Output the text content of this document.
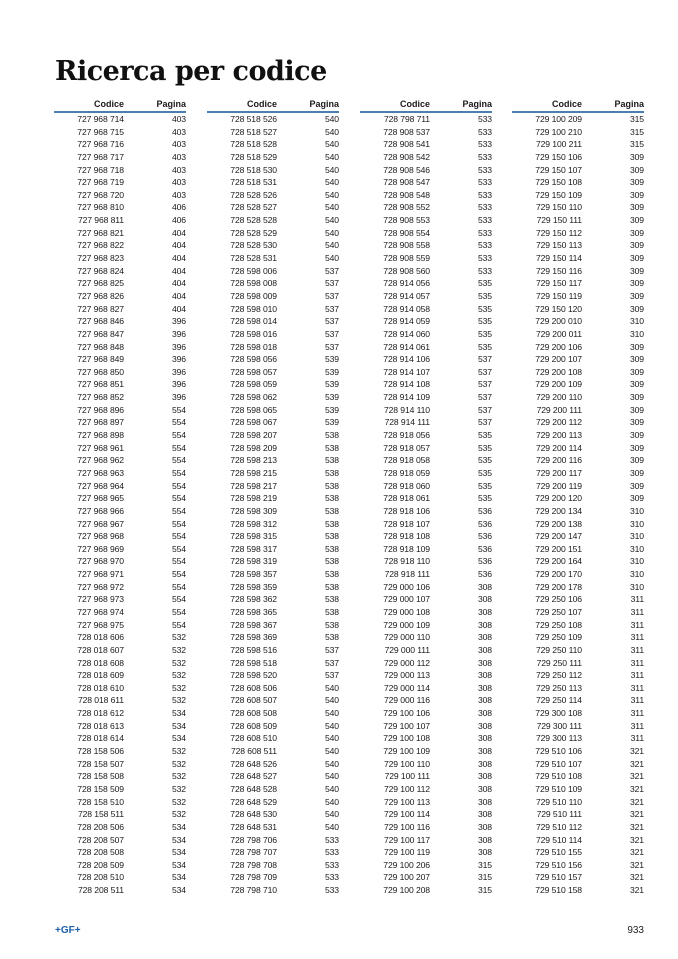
Ricerca per codice
Codice	Pagina
727 968 714	403
727 968 715	403
727 968 716	403
727 968 717	403
727 968 718	403
727 968 719	403
727 968 720	403
727 968 810	406
727 968 811	406
727 968 821	404
727 968 822	404
727 968 823	404
727 968 824	404
727 968 825	404
727 968 826	404
727 968 827	404
727 968 846	396
727 968 847	396
727 968 848	396
727 968 849	396
727 968 850	396
727 968 851	396
727 968 852	396
727 968 896	554
727 968 897	554
727 968 898	554
727 968 961	554
727 968 962	554
727 968 963	554
727 968 964	554
727 968 965	554
727 968 966	554
727 968 967	554
727 968 968	554
727 968 969	554
727 968 970	554
727 968 971	554
727 968 972	554
727 968 973	554
727 968 974	554
727 968 975	554
728 018 606	532
728 018 607	532
728 018 608	532
728 018 609	532
728 018 610	532
728 018 611	532
728 018 612	534
728 018 613	534
728 018 614	534
728 158 506	532
728 158 507	532
728 158 508	532
728 158 509	532
728 158 510	532
728 158 511	532
728 208 506	534
728 208 507	534
728 208 508	534
728 208 509	534
728 208 510	534
728 208 511	534
Codice	Pagina
728 518 526	540
728 518 527	540
728 518 528	540
728 518 529	540
728 518 530	540
728 518 531	540
728 528 526	540
728 528 527	540
728 528 528	540
728 528 529	540
728 528 530	540
728 528 531	540
728 598 006	537
728 598 008	537
728 598 009	537
728 598 010	537
728 598 014	537
728 598 016	537
728 598 018	537
728 598 056	539
728 598 057	539
728 598 059	539
728 598 062	539
728 598 065	539
728 598 067	539
728 598 207	538
728 598 209	538
728 598 213	538
728 598 215	538
728 598 217	538
728 598 219	538
728 598 309	538
728 598 312	538
728 598 315	538
728 598 317	538
728 598 319	538
728 598 357	538
728 598 359	538
728 598 362	538
728 598 365	538
728 598 367	538
728 598 369	538
728 598 516	537
728 598 518	537
728 598 520	537
728 608 506	540
728 608 507	540
728 608 508	540
728 608 509	540
728 608 510	540
728 608 511	540
728 648 526	540
728 648 527	540
728 648 528	540
728 648 529	540
728 648 530	540
728 648 531	540
728 798 706	533
728 798 707	533
728 798 708	533
728 798 709	533
728 798 710	533
Codice	Pagina
728 798 711	533
728 908 537	533
728 908 541	533
728 908 542	533
728 908 546	533
728 908 547	533
728 908 548	533
728 908 552	533
728 908 553	533
728 908 554	533
728 908 558	533
728 908 559	533
728 908 560	533
728 914 056	535
728 914 057	535
728 914 058	535
728 914 059	535
728 914 060	535
728 914 061	535
728 914 106	537
728 914 107	537
728 914 108	537
728 914 109	537
728 914 110	537
728 914 111	537
728 918 056	535
728 918 057	535
728 918 058	535
728 918 059	535
728 918 060	535
728 918 061	535
728 918 106	536
728 918 107	536
728 918 108	536
728 918 109	536
728 918 110	536
728 918 111	536
729 000 106	308
729 000 107	308
729 000 108	308
729 000 109	308
729 000 110	308
729 000 111	308
729 000 112	308
729 000 113	308
729 000 114	308
729 000 116	308
729 100 106	308
729 100 107	308
729 100 108	308
729 100 109	308
729 100 110	308
729 100 111	308
729 100 112	308
729 100 113	308
729 100 114	308
729 100 116	308
729 100 117	308
729 100 119	308
729 100 206	315
729 100 207	315
729 100 208	315
Codice	Pagina
729 100 209	315
729 100 210	315
729 100 211	315
729 150 106	309
729 150 107	309
729 150 108	309
729 150 109	309
729 150 110	309
729 150 111	309
729 150 112	309
729 150 113	309
729 150 114	309
729 150 116	309
729 150 117	309
729 150 119	309
729 150 120	309
729 200 010	310
729 200 011	310
729 200 106	309
729 200 107	309
729 200 108	309
729 200 109	309
729 200 110	309
729 200 111	309
729 200 112	309
729 200 113	309
729 200 114	309
729 200 116	309
729 200 117	309
729 200 119	309
729 200 120	309
729 200 134	310
729 200 138	310
729 200 147	310
729 200 151	310
729 200 164	310
729 200 170	310
729 200 178	310
729 250 106	311
729 250 107	311
729 250 108	311
729 250 109	311
729 250 110	311
729 250 111	311
729 250 112	311
729 250 113	311
729 250 114	311
729 300 108	311
729 300 111	311
729 300 113	311
729 510 106	321
729 510 107	321
729 510 108	321
729 510 109	321
729 510 110	321
729 510 111	321
729 510 112	321
729 510 114	321
729 510 155	321
729 510 156	321
729 510 157	321
729 510 158	321
+GF+	933
